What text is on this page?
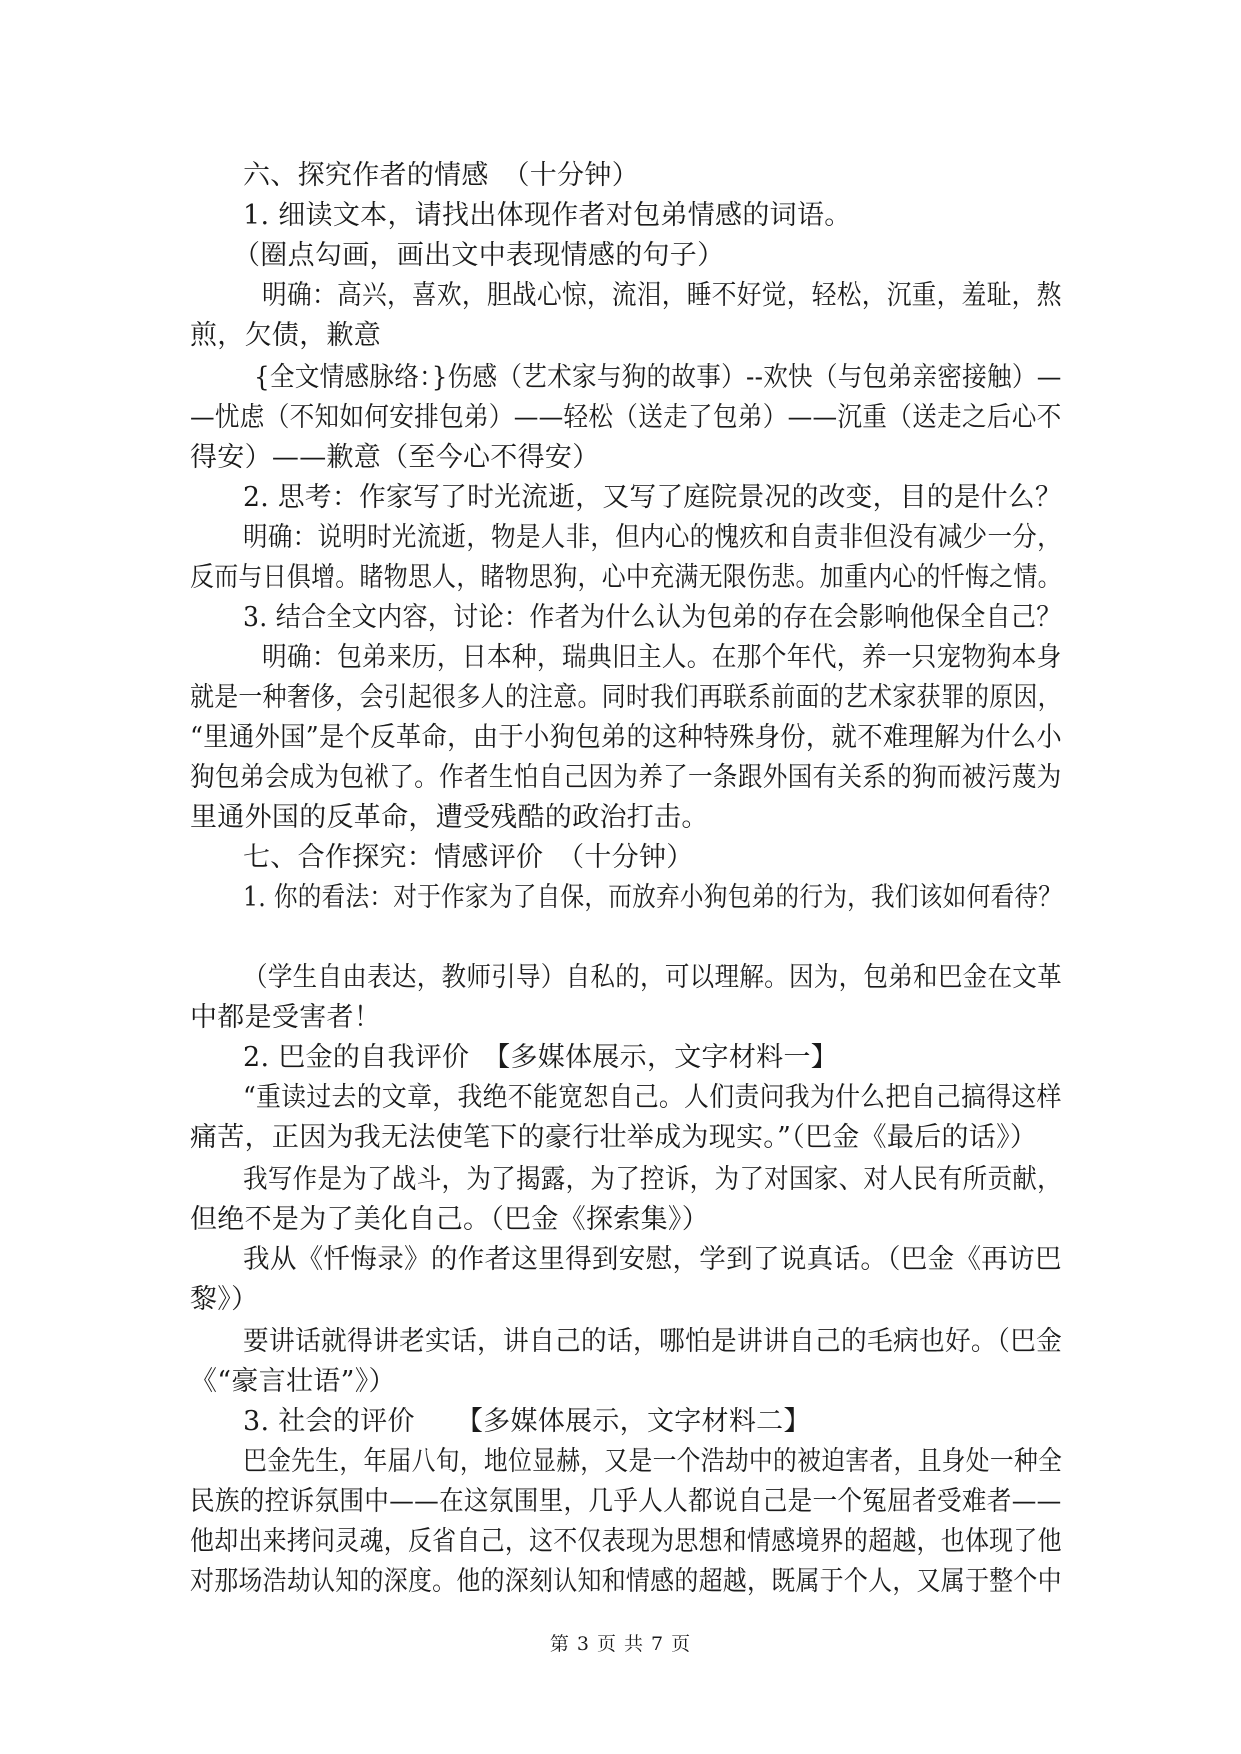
六、探究作者的情感　（十分钟）

1. 细读文本，请找出体现作者对包弟情感的词语。

（圈点勾画，画出文中表现情感的句子）

明确：高兴，喜欢，胆战心惊，流泪，睡不好觉，轻松，沉重，羞耻，熬

煎，欠债，歉意

{全文情感脉络：}伤感（艺术家与狗的故事）--欢快（与包弟亲密接触）—

—忧虑（不知如何安排包弟）——轻松（送走了包弟）——沉重（送走之后心不

得安）——歉意（至今心不得安）

2. 思考：作家写了时光流逝，又写了庭院景况的改变，目的是什么？

明确：说明时光流逝，物是人非，但内心的愧疚和自责非但没有减少一分，

反而与日俱增。睹物思人，睹物思狗，心中充满无限伤悲。加重内心的忏悔之情。

3. 结合全文内容，讨论：作者为什么认为包弟的存在会影响他保全自己？

明确：包弟来历，日本种，瑞典旧主人。在那个年代，养一只宠物狗本身

就是一种奢侈，会引起很多人的注意。同时我们再联系前面的艺术家获罪的原因，

“里通外国”是个反革命，由于小狗包弟的这种特殊身份，就不难理解为什么小

狗包弟会成为包袱了。作者生怕自己因为养了一条跟外国有关系的狗而被污蔑为

里通外国的反革命，遭受残酷的政治打击。

七、合作探究：情感评价　（十分钟）

1. 你的看法：对于作家为了自保，而放弃小狗包弟的行为，我们该如何看待？

（学生自由表达，教师引导）自私的，可以理解。因为，包弟和巴金在文革

中都是受害者！

2. 巴金的自我评价　【多媒体展示，文字材料一】

“重读过去的文章，我绝不能宽恕自己。人们责问我为什么把自己搞得这样

痛苦，正因为我无法使笔下的豪行壮举成为现实。”（巴金《最后的话》）

我写作是为了战斗，为了揭露，为了控诉，为了对国家、对人民有所贡献，

但绝不是为了美化自己。（巴金《探索集》）

我从《忏悔录》的作者这里得到安慰，学到了说真话。（巴金《再访巴

黎》）

要讲话就得讲老实话，讲自己的话，哪怕是讲讲自己的毛病也好。（巴金

《“豪言壮语”》）

3. 社会的评价　　【多媒体展示，文字材料二】

巴金先生，年届八旬，地位显赫，又是一个浩劫中的被迫害者，且身处一种全

民族的控诉氛围中——在这氛围里，几乎人人都说自己是一个冤屈者受难者——

他却出来拷问灵魂，反省自己，这不仅表现为思想和情感境界的超越，也体现了他

对那场浩劫认知的深度。他的深刻认知和情感的超越，既属于个人，又属于整个中

第 3 页 共 7 页
